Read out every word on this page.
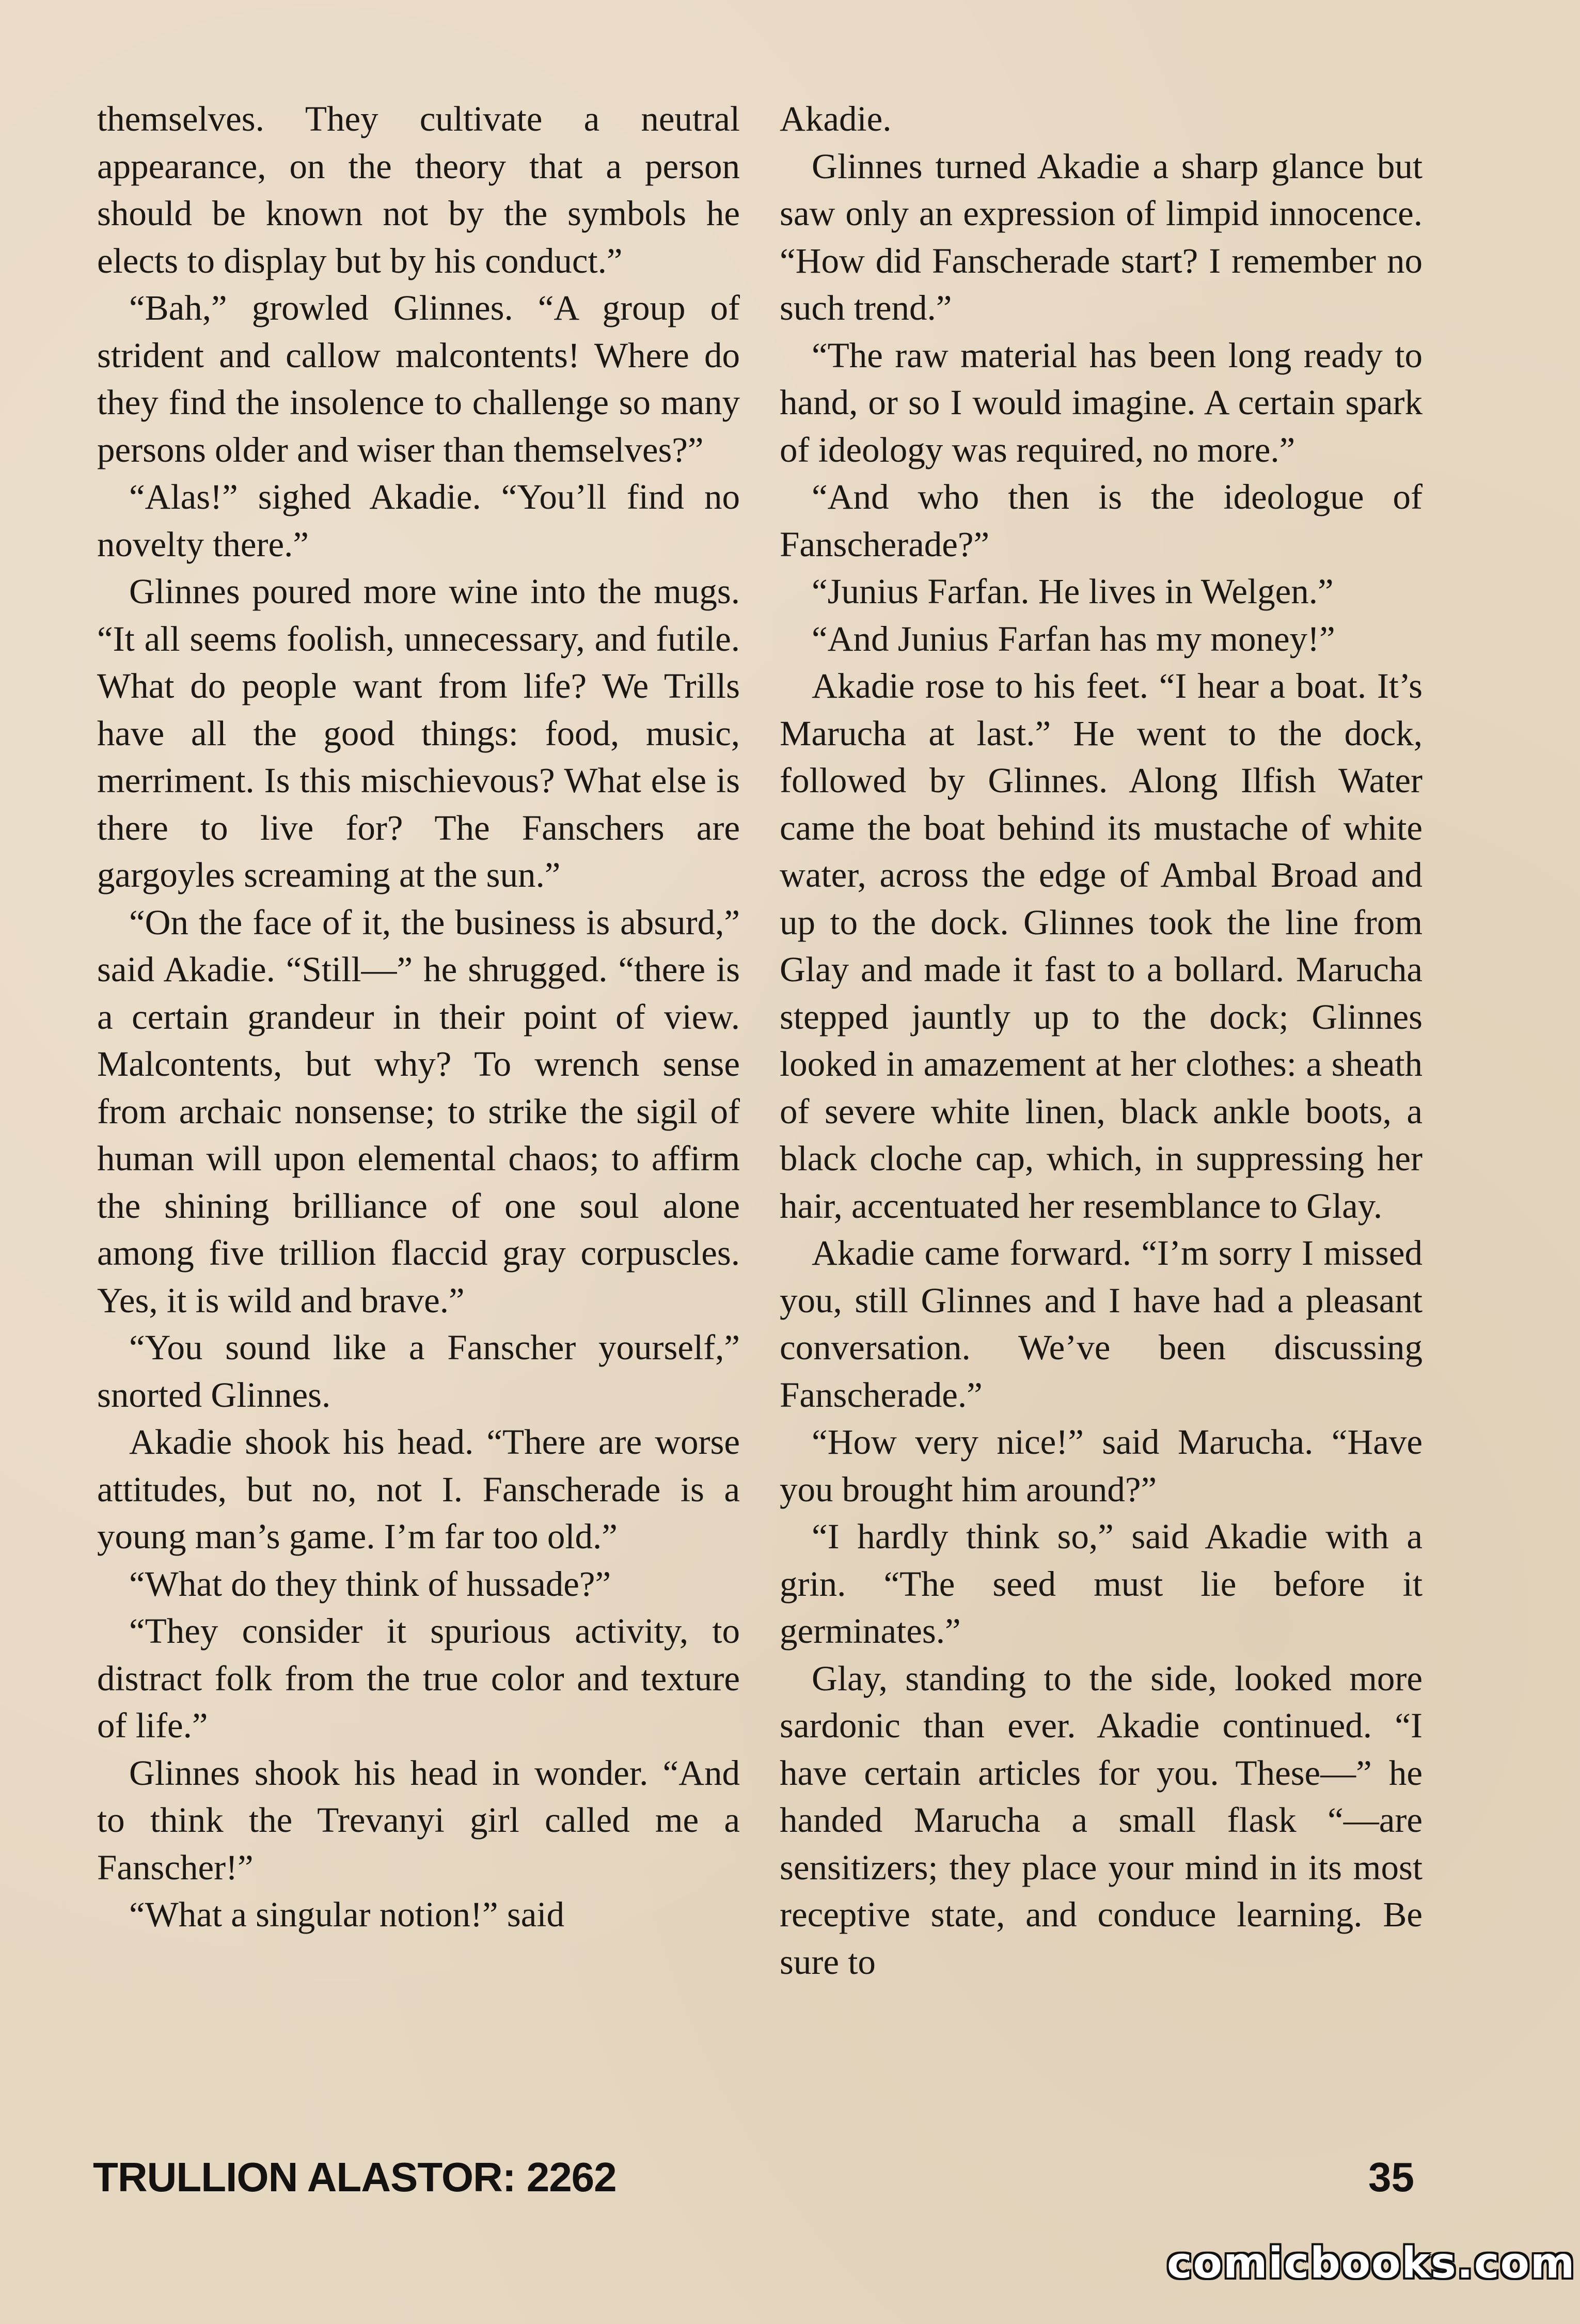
themselves. They cultivate a neutral appearance, on the theory that a person should be known not by the symbols he elects to display but by his conduct.”

“Bah,” growled Glinnes. “A group of strident and callow malcontents! Where do they find the insolence to challenge so many persons older and wiser than themselves?”

“Alas!” sighed Akadie. “You’ll find no novelty there.”

Glinnes poured more wine into the mugs. “It all seems foolish, unnecessary, and futile. What do people want from life? We Trills have all the good things: food, music, merriment. Is this mischievous? What else is there to live for? The Fanschers are gargoyles screaming at the sun.”

“On the face of it, the business is absurd,” said Akadie. “Still—” he shrugged. “there is a certain grandeur in their point of view. Malcontents, but why? To wrench sense from archaic nonsense; to strike the sigil of human will upon elemental chaos; to affirm the shining brilliance of one soul alone among five trillion flaccid gray corpuscles. Yes, it is wild and brave.”

“You sound like a Fanscher yourself,” snorted Glinnes.

Akadie shook his head. “There are worse attitudes, but no, not I. Fanscherade is a young man’s game. I’m far too old.”

“What do they think of hussade?”

“They consider it spurious activity, to distract folk from the true color and texture of life.”

Glinnes shook his head in wonder. “And to think the Trevanyi girl called me a Fanscher!”

“What a singular notion!” said

Akadie.

Glinnes turned Akadie a sharp glance but saw only an expression of limpid innocence. “How did Fanscherade start? I remember no such trend.”

“The raw material has been long ready to hand, or so I would imagine. A certain spark of ideology was required, no more.”

“And who then is the ideologue of Fanscherade?”

“Junius Farfan. He lives in Welgen.”

“And Junius Farfan has my money!”

Akadie rose to his feet. “I hear a boat. It’s Marucha at last.” He went to the dock, followed by Glinnes. Along Ilfish Water came the boat behind its mustache of white water, across the edge of Ambal Broad and up to the dock. Glinnes took the line from Glay and made it fast to a bollard. Marucha stepped jauntly up to the dock; Glinnes looked in amazement at her clothes: a sheath of severe white linen, black ankle boots, a black cloche cap, which, in suppressing her hair, accentuated her resemblance to Glay.

Akadie came forward. “I’m sorry I missed you, still Glinnes and I have had a pleasant conversation. We’ve been discussing Fanscherade.”

“How very nice!” said Marucha. “Have you brought him around?”

“I hardly think so,” said Akadie with a grin. “The seed must lie before it germinates.”

Glay, standing to the side, looked more sardonic than ever. Akadie continued. “I have certain articles for you. These—” he handed Marucha a small flask “—are sensitizers; they place your mind in its most receptive state, and conduce learning. Be sure to

TRULLION ALASTOR: 2262	35
comicbooks.com
